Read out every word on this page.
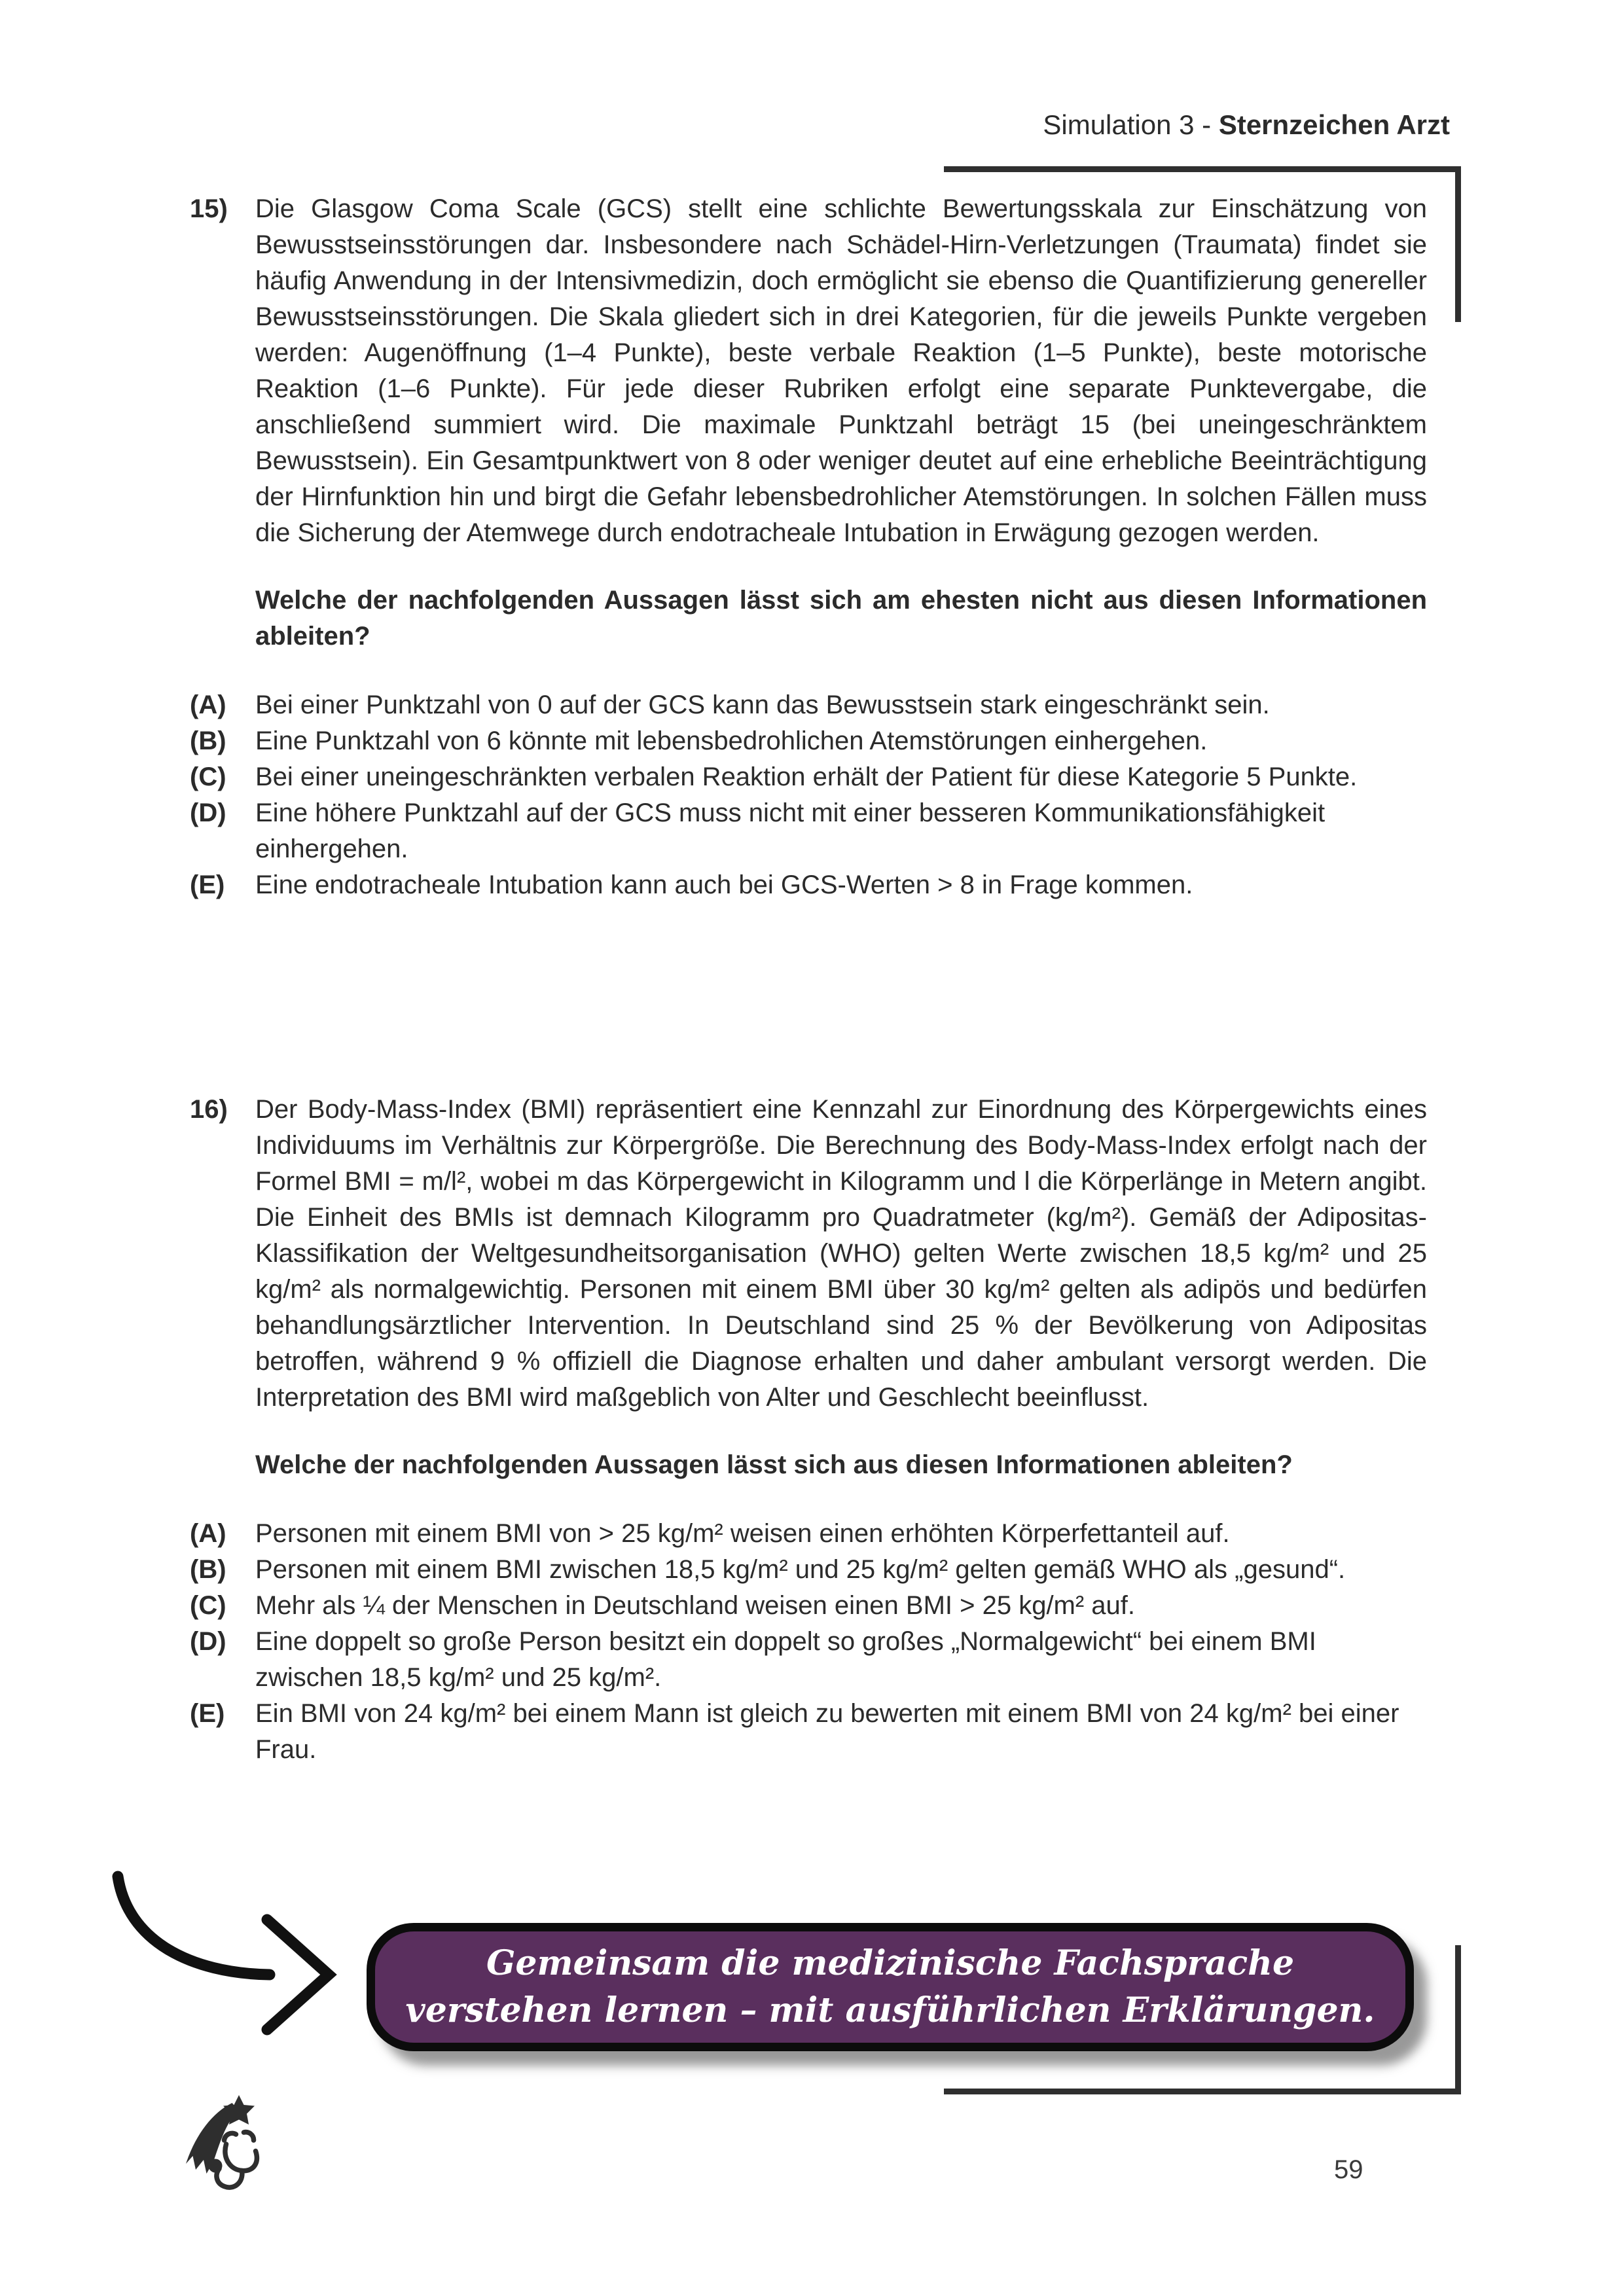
Simulation 3 - Sternzeichen Arzt
15)	Die Glasgow Coma Scale (GCS) stellt eine schlichte Bewertungsskala zur Einschätzung von Bewusstseinsstörungen dar. Insbesondere nach Schädel-Hirn-Verletzungen (Traumata) findet sie häufig Anwendung in der Intensivmedizin, doch ermöglicht sie ebenso die Quantifizierung genereller Bewusstseinsstörungen. Die Skala gliedert sich in drei Kategorien, für die jeweils Punkte vergeben werden: Augenöffnung (1–4 Punkte), beste verbale Reaktion (1–5 Punkte), beste motorische Reaktion (1–6 Punkte). Für jede dieser Rubriken erfolgt eine separate Punktevergabe, die anschließend summiert wird. Die maximale Punktzahl beträgt 15 (bei uneingeschränktem Bewusstsein). Ein Gesamtpunktwert von 8 oder weniger deutet auf eine erhebliche Beeinträchtigung der Hirnfunktion hin und birgt die Gefahr lebensbedrohlicher Atemstörungen. In solchen Fällen muss die Sicherung der Atemwege durch endotracheale Intubation in Erwägung gezogen werden.
Welche der nachfolgenden Aussagen lässt sich am ehesten nicht aus diesen Informationen ableiten?
(A)	Bei einer Punktzahl von 0 auf der GCS kann das Bewusstsein stark eingeschränkt sein.
(B)	Eine Punktzahl von 6 könnte mit lebensbedrohlichen Atemstörungen einhergehen.
(C)	Bei einer uneingeschränkten verbalen Reaktion erhält der Patient für diese Kategorie 5 Punkte.
(D)	Eine höhere Punktzahl auf der GCS muss nicht mit einer besseren Kommunikationsfähigkeit einhergehen.
(E)	Eine endotracheale Intubation kann auch bei GCS-Werten > 8 in Frage kommen.
16)	Der Body-Mass-Index (BMI) repräsentiert eine Kennzahl zur Einordnung des Körpergewichts eines Individuums im Verhältnis zur Körpergröße. Die Berechnung des Body-Mass-Index erfolgt nach der Formel BMI = m/l², wobei m das Körpergewicht in Kilogramm und l die Körperlänge in Metern angibt. Die Einheit des BMIs ist demnach Kilogramm pro Quadratmeter (kg/m²). Gemäß der Adipositas-Klassifikation der Weltgesundheitsorganisation (WHO) gelten Werte zwischen 18,5 kg/m² und 25 kg/m² als normalgewichtig. Personen mit einem BMI über 30 kg/m² gelten als adipös und bedürfen behandlungsärztlicher Intervention. In Deutschland sind 25 % der Bevölkerung von Adipositas betroffen, während 9 % offiziell die Diagnose erhalten und daher ambulant versorgt werden. Die Interpretation des BMI wird maßgeblich von Alter und Geschlecht beeinflusst.
Welche der nachfolgenden Aussagen lässt sich aus diesen Informationen ableiten?
(A)	Personen mit einem BMI von > 25 kg/m² weisen einen erhöhten Körperfettanteil auf.
(B)	Personen mit einem BMI zwischen 18,5 kg/m² und 25 kg/m² gelten gemäß WHO als „gesund“.
(C)	Mehr als ¼ der Menschen in Deutschland weisen einen BMI > 25 kg/m² auf.
(D)	Eine doppelt so große Person besitzt ein doppelt so großes „Normalgewicht“ bei einem BMI zwischen 18,5 kg/m² und 25 kg/m².
(E)	Ein BMI von 24 kg/m² bei einem Mann ist gleich zu bewerten mit einem BMI von 24 kg/m² bei einer Frau.
Gemeinsam die medizinische Fachsprache
verstehen lernen – mit ausführlichen Erklärungen.
59
